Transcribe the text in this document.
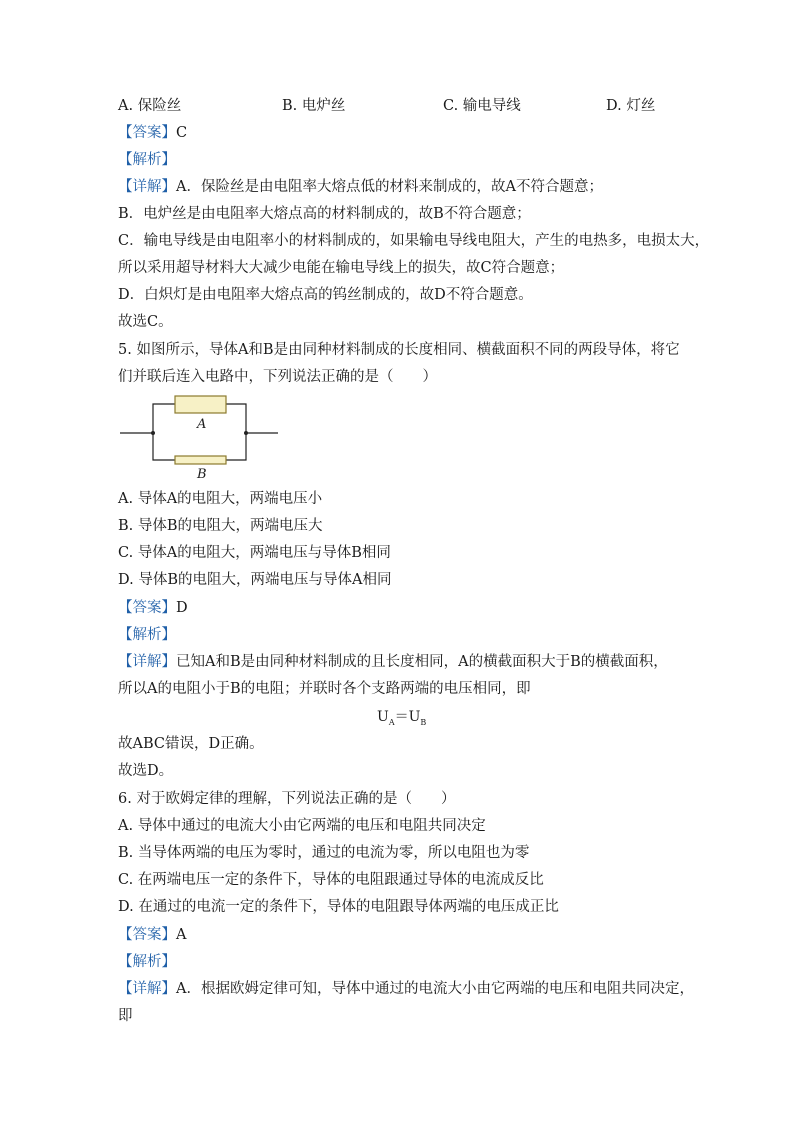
A. 保险丝	B. 电炉丝	C. 输电导线	D. 灯丝
【答案】C
【解析】
【详解】A．保险丝是由电阻率大熔点低的材料来制成的，故A不符合题意；
B．电炉丝是由电阻率大熔点高的材料制成的，故B不符合题意；
C．输电导线是由电阻率小的材料制成的，如果输电导线电阻大，产生的电热多，电损太大，
所以采用超导材料大大减少电能在输电导线上的损失，故C符合题意；
D．白炽灯是由电阻率大熔点高的钨丝制成的，故D不符合题意。
故选C。
5. 如图所示，导体A和B是由同种材料制成的长度相同、横截面积不同的两段导体，将它
们并联后连入电路中，下列说法正确的是（　　）
A
B
A. 导体A的电阻大，两端电压小
B. 导体B的电阻大，两端电压大
C. 导体A的电阻大，两端电压与导体B相同
D. 导体B的电阻大，两端电压与导体A相同
【答案】D
【解析】
【详解】已知A和B是由同种材料制成的且长度相同，A的横截面积大于B的横截面积，
所以A的电阻小于B的电阻；并联时各个支路两端的电压相同，即
$U_A=U_B$
故ABC错误，D正确。
故选D。
6. 对于欧姆定律的理解，下列说法正确的是（　　）
A. 导体中通过的电流大小由它两端的电压和电阻共同决定
B. 当导体两端的电压为零时，通过的电流为零，所以电阻也为零
C. 在两端电压一定的条件下，导体的电阻跟通过导体的电流成反比
D. 在通过的电流一定的条件下，导体的电阻跟导体两端的电压成正比
【答案】A
【解析】
【详解】A．根据欧姆定律可知，导体中通过的电流大小由它两端的电压和电阻共同决定，
即
